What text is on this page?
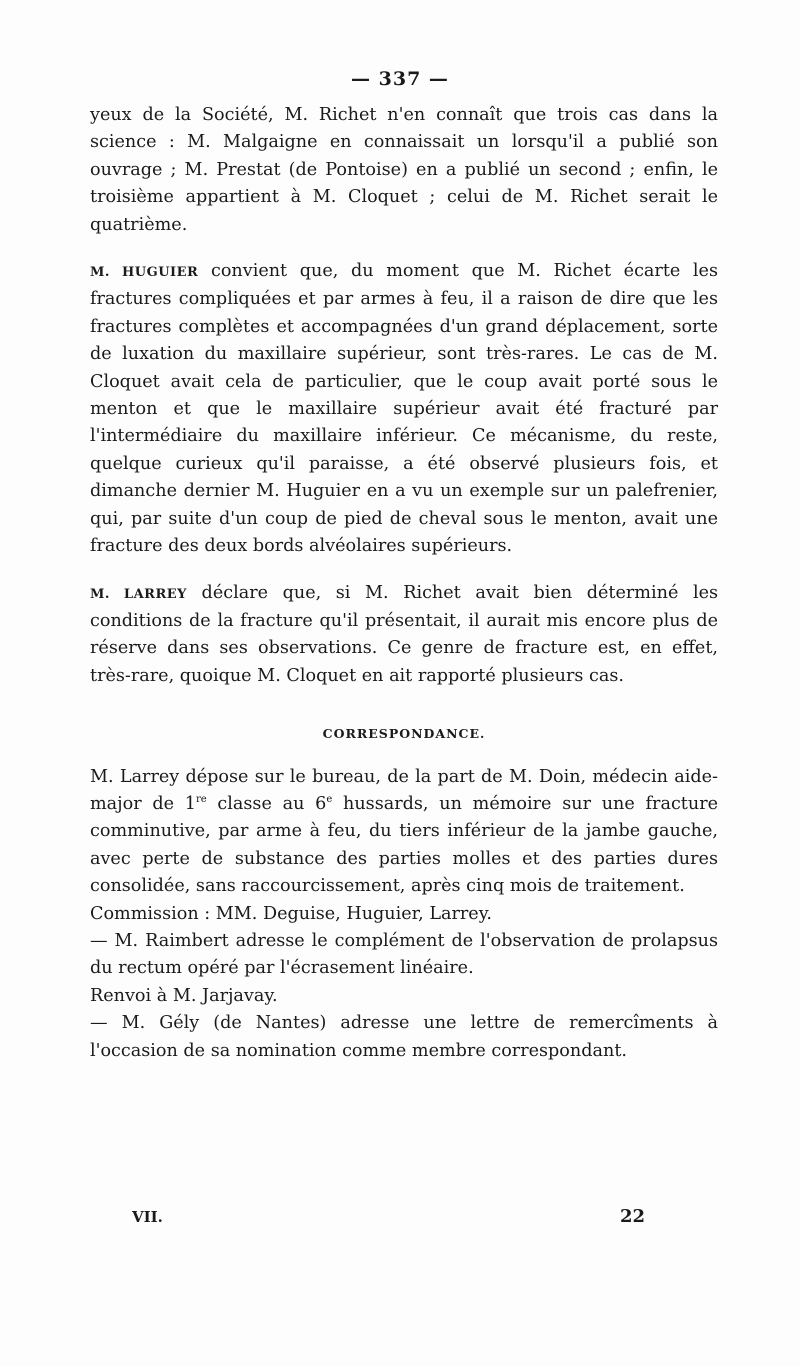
— 337 —

yeux de la Société, M. Richet n'en connaît que trois cas dans la science : M. Malgaigne en connaissait un lorsqu'il a publié son ouvrage ; M. Prestat (de Pontoise) en a publié un second ; enfin, le troisième appartient à M. Cloquet ; celui de M. Richet serait le quatrième.

M. HUGUIER convient que, du moment que M. Richet écarte les fractures compliquées et par armes à feu, il a raison de dire que les fractures complètes et accompagnées d'un grand déplacement, sorte de luxation du maxillaire supérieur, sont très-rares. Le cas de M. Cloquet avait cela de particulier, que le coup avait porté sous le menton et que le maxillaire supérieur avait été fracturé par l'intermédiaire du maxillaire inférieur. Ce mécanisme, du reste, quelque curieux qu'il paraisse, a été observé plusieurs fois, et dimanche dernier M. Huguier en a vu un exemple sur un palefrenier, qui, par suite d'un coup de pied de cheval sous le menton, avait une fracture des deux bords alvéolaires supérieurs.

M. LARREY déclare que, si M. Richet avait bien déterminé les conditions de la fracture qu'il présentait, il aurait mis encore plus de réserve dans ses observations. Ce genre de fracture est, en effet, très-rare, quoique M. Cloquet en ait rapporté plusieurs cas.

CORRESPONDANCE.

M. Larrey dépose sur le bureau, de la part de M. Doin, médecin aide-major de 1re classe au 6e hussards, un mémoire sur une fracture comminutive, par arme à feu, du tiers inférieur de la jambe gauche, avec perte de substance des parties molles et des parties dures consolidée, sans raccourcissement, après cinq mois de traitement.

Commission : MM. Deguise, Huguier, Larrey.

— M. Raimbert adresse le complément de l'observation de prolapsus du rectum opéré par l'écrasement linéaire.

Renvoi à M. Jarjavay.

— M. Gély (de Nantes) adresse une lettre de remercîments à l'occasion de sa nomination comme membre correspondant.

VII.	22
